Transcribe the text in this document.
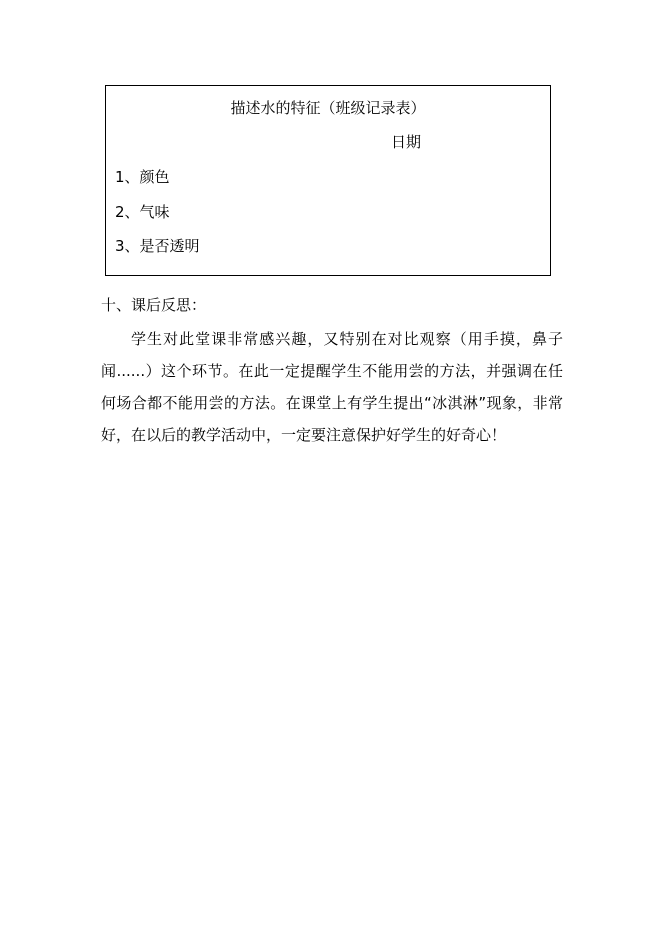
描述水的特征（班级记录表）
日期
1、颜色
2、气味
3、是否透明
十、课后反思：

学生对此堂课非常感兴趣，又特别在对比观察（用手摸，鼻子闻......）这个环节。在此一定提醒学生不能用尝的方法，并强调在任何场合都不能用尝的方法。在课堂上有学生提出“冰淇淋”现象，非常好，在以后的教学活动中，一定要注意保护好学生的好奇心！
